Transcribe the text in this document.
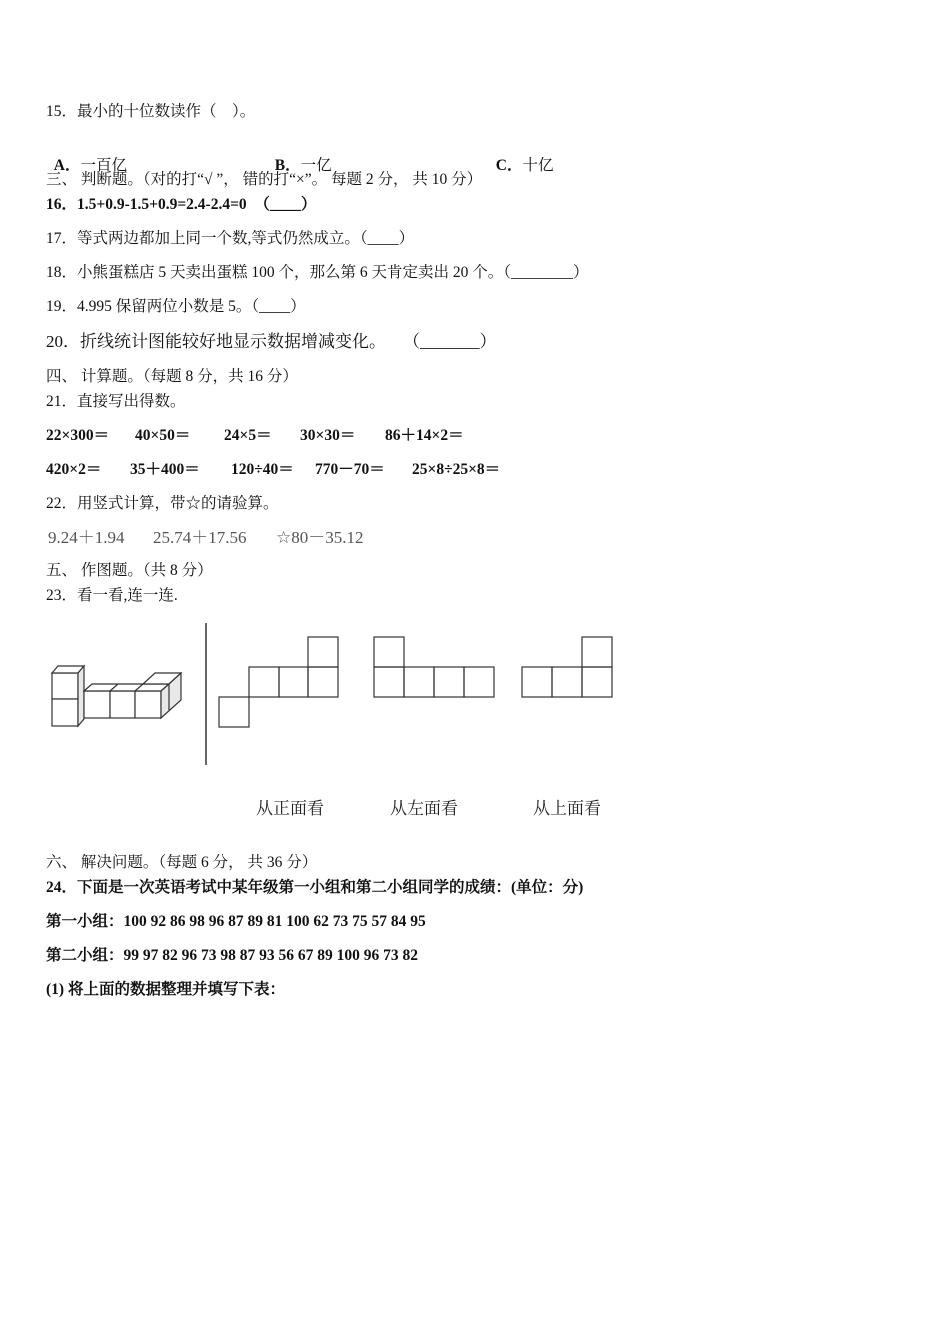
15．最小的十位数读作（　）。

A．一百亿	B．一亿	C．十亿

三、 判断题。（对的打“√ ”， 错的打“×”。 每题 2 分， 共 10 分）
16．1.5+0.9-1.5+0.9=2.4-2.4=0　（____）
17．等式两边都加上同一个数,等式仍然成立。（____）
18．小熊蛋糕店 5 天卖出蛋糕 100 个，那么第 6 天肯定卖出 20 个。（________）
19．4.995 保留两位小数是 5。（____）
20．折线统计图能较好地显示数据增减变化。　　（_______）
四、 计算题。（每题 8 分，共 16 分）
21．直接写出得数。
22×300＝ 40×50＝ 24×5＝ 30×30＝ 86＋14×2＝
420×2＝ 35＋400＝ 120÷40＝ 770－70＝ 25×8÷25×8＝
22．用竖式计算，带☆的请验算。
9.24＋1.94 25.74＋17.56 ☆80－35.12
五、 作图题。（共 8 分）
23．看一看,连一连.
从正面看	从左面看	从上面看
六、 解决问题。（每题 6 分， 共 36 分）
24．下面是一次英语考试中某年级第一小组和第二小组同学的成绩：(单位：分)
第一小组：100 92 86 98 96 87 89 81 100 62 73 75 57 84 95
第二小组：99 97 82 96 73 98 87 93 56 67 89 100 96 73 82
(1) 将上面的数据整理并填写下表：
